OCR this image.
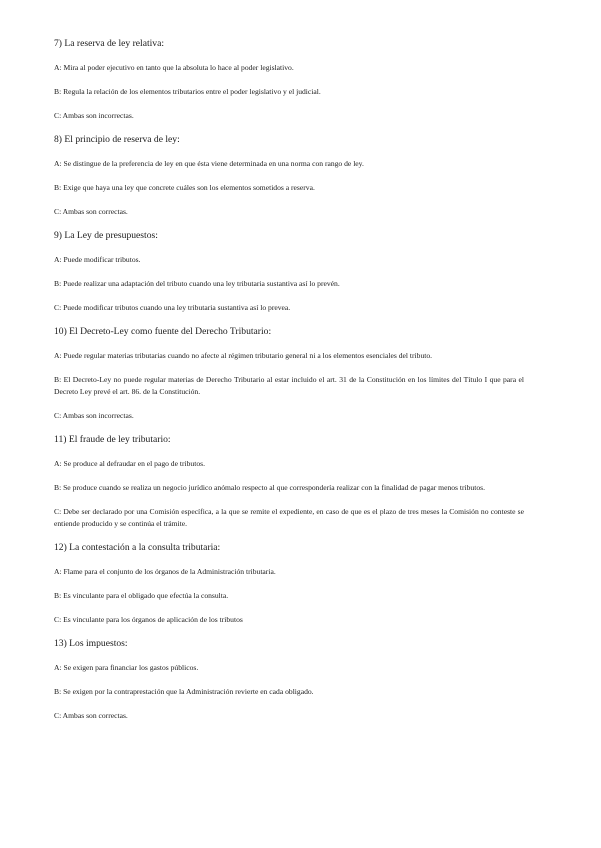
7) La reserva de ley relativa:

A: Mira al poder ejecutivo en tanto que la absoluta lo hace al poder legislativo.

B: Regula la relación de los elementos tributarios entre el poder legislativo y el judicial.

C: Ambas son incorrectas.

8) El principio de reserva de ley:

A: Se distingue de la preferencia de ley en que ésta viene determinada en una norma con rango de ley.

B: Exige que haya una ley que concrete cuáles son los elementos sometidos a reserva.

C: Ambas son correctas.

9) La Ley de presupuestos:

A: Puede modificar tributos.

B: Puede realizar una adaptación del tributo cuando una ley tributaria sustantiva así lo prevén.

C: Puede modificar tributos cuando una ley tributaria sustantiva así lo prevea.

10) El Decreto-Ley como fuente del Derecho Tributario:

A: Puede regular materias tributarias cuando no afecte al régimen tributario general ni a los elementos esenciales del tributo.

B: El Decreto-Ley no puede regular materias de Derecho Tributario al estar incluido el art. 31 de la Constitución en los límites del Título I que para el Decreto Ley prevé el art. 86. de la Constitución.

C: Ambas son incorrectas.

11) El fraude de ley tributario:

A: Se produce al defraudar en el pago de tributos.

B: Se produce cuando se realiza un negocio jurídico anómalo respecto al que correspondería realizar con la finalidad de pagar menos tributos.

C: Debe ser declarado por una Comisión específica, a la que se remite el expediente, en caso de que es el plazo de tres meses la Comisión no conteste se entiende producido y se continúa el trámite.

12) La contestación a la consulta tributaria:

A: Flame para el conjunto de los órganos de la Administración tributaria.

B: Es vinculante para el obligado que efectúa la consulta.

C: Es vinculante para los órganos de aplicación de los tributos

13) Los impuestos:

A: Se exigen para financiar los gastos públicos.

B: Se exigen por la contraprestación que la Administración revierte en cada obligado.

C: Ambas son correctas.
